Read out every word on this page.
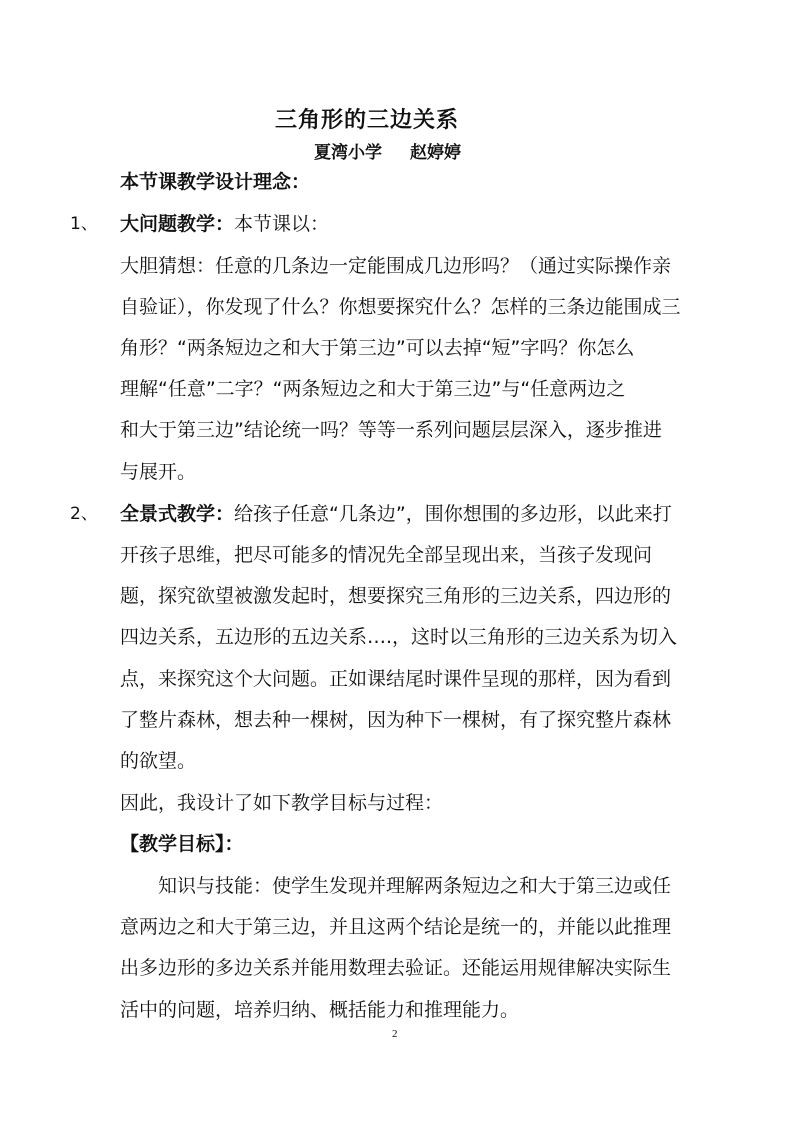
三角形的三边关系
夏湾小学 赵婷婷
本节课教学设计理念：
1、 大问题教学：本节课以：
大胆猜想：任意的几条边一定能围成几边形吗？（通过实际操作亲
自验证），你发现了什么？你想要探究什么？怎样的三条边能围成三
角形？“两条短边之和大于第三边”可以去掉“短”字吗？你怎么
理解“任意”二字？“两条短边之和大于第三边”与“任意两边之
和大于第三边”结论统一吗？等等一系列问题层层深入，逐步推进
与展开。
2、 全景式教学：给孩子任意“几条边”，围你想围的多边形，以此来打
开孩子思维，把尽可能多的情况先全部呈现出来，当孩子发现问
题，探究欲望被激发起时，想要探究三角形的三边关系，四边形的
四边关系，五边形的五边关系….，这时以三角形的三边关系为切入
点，来探究这个大问题。正如课结尾时课件呈现的那样，因为看到
了整片森林，想去种一棵树，因为种下一棵树，有了探究整片森林
的欲望。
因此，我设计了如下教学目标与过程：
【教学目标】：
知识与技能：使学生发现并理解两条短边之和大于第三边或任
意两边之和大于第三边，并且这两个结论是统一的，并能以此推理
出多边形的多边关系并能用数理去验证。还能运用规律解决实际生
活中的问题，培养归纳、概括能力和推理能力。
2
